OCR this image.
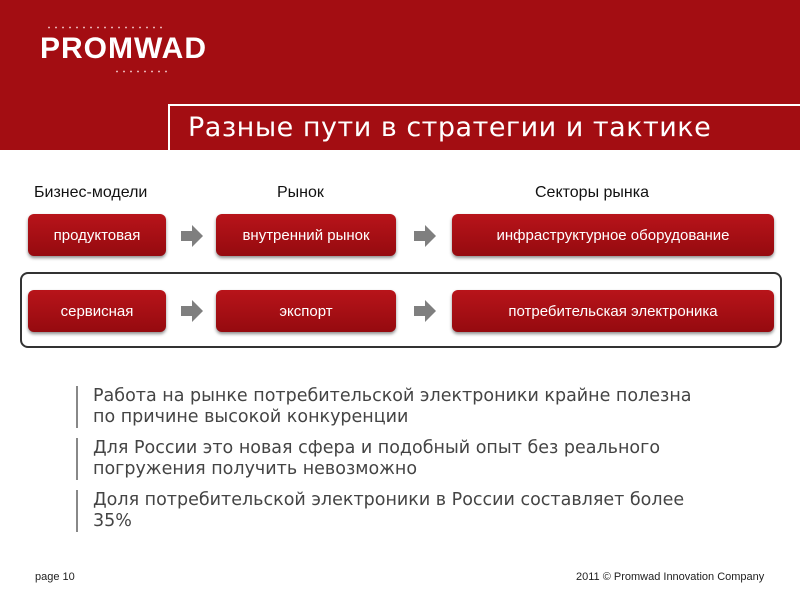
PROMWAD
Разные пути в стратегии и тактике
Бизнес-модели	Рынок	Секторы рынка
продуктовая	внутренний рынок	инфраструктурное оборудование
сервисная	экспорт	потребительская электроника
Работа на рынке потребительской электроники крайне полезна по причине высокой конкуренции
Для России это новая сфера и подобный опыт без реального погружения получить невозможно
Доля потребительской электроники в России составляет более 35%
page 10	2011 © Promwad Innovation Company
